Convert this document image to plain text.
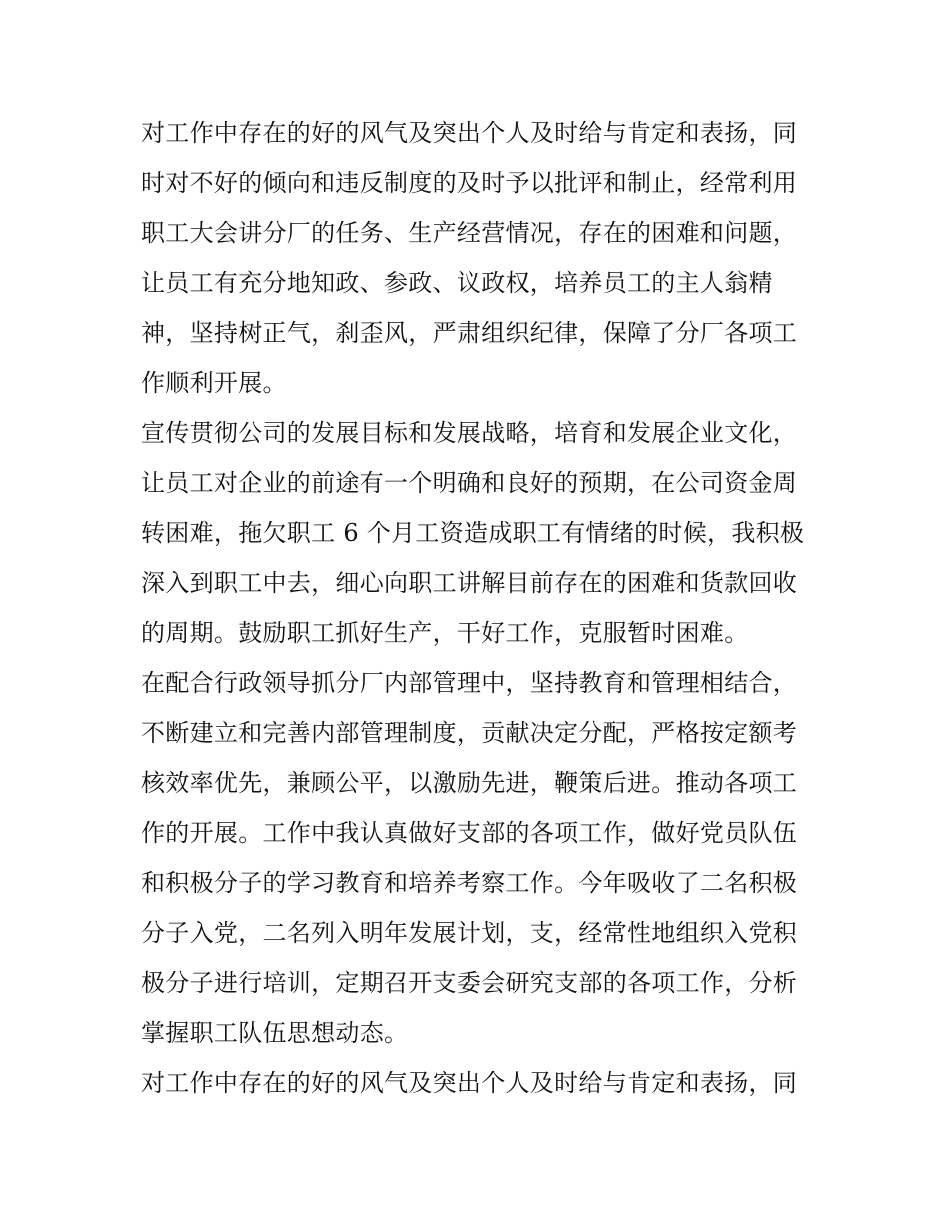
对工作中存在的好的风气及突出个人及时给与肯定和表扬，同
时对不好的倾向和违反制度的及时予以批评和制止，经常利用
职工大会讲分厂的任务、生产经营情况，存在的困难和问题，
让员工有充分地知政、参政、议政权，培养员工的主人翁精
神，坚持树正气，刹歪风，严肃组织纪律，保障了分厂各项工
作顺利开展。
宣传贯彻公司的发展目标和发展战略，培育和发展企业文化，
让员工对企业的前途有一个明确和良好的预期，在公司资金周
转困难，拖欠职工 6 个月工资造成职工有情绪的时候，我积极
深入到职工中去，细心向职工讲解目前存在的困难和货款回收
的周期。鼓励职工抓好生产，干好工作，克服暂时困难。
在配合行政领导抓分厂内部管理中，坚持教育和管理相结合，
不断建立和完善内部管理制度，贡献决定分配，严格按定额考
核效率优先，兼顾公平，以激励先进，鞭策后进。推动各项工
作的开展。工作中我认真做好支部的各项工作，做好党员队伍
和积极分子的学习教育和培养考察工作。今年吸收了二名积极
分子入党，二名列入明年发展计划，支，经常性地组织入党积
极分子进行培训，定期召开支委会研究支部的各项工作，分析
掌握职工队伍思想动态。
对工作中存在的好的风气及突出个人及时给与肯定和表扬，同
